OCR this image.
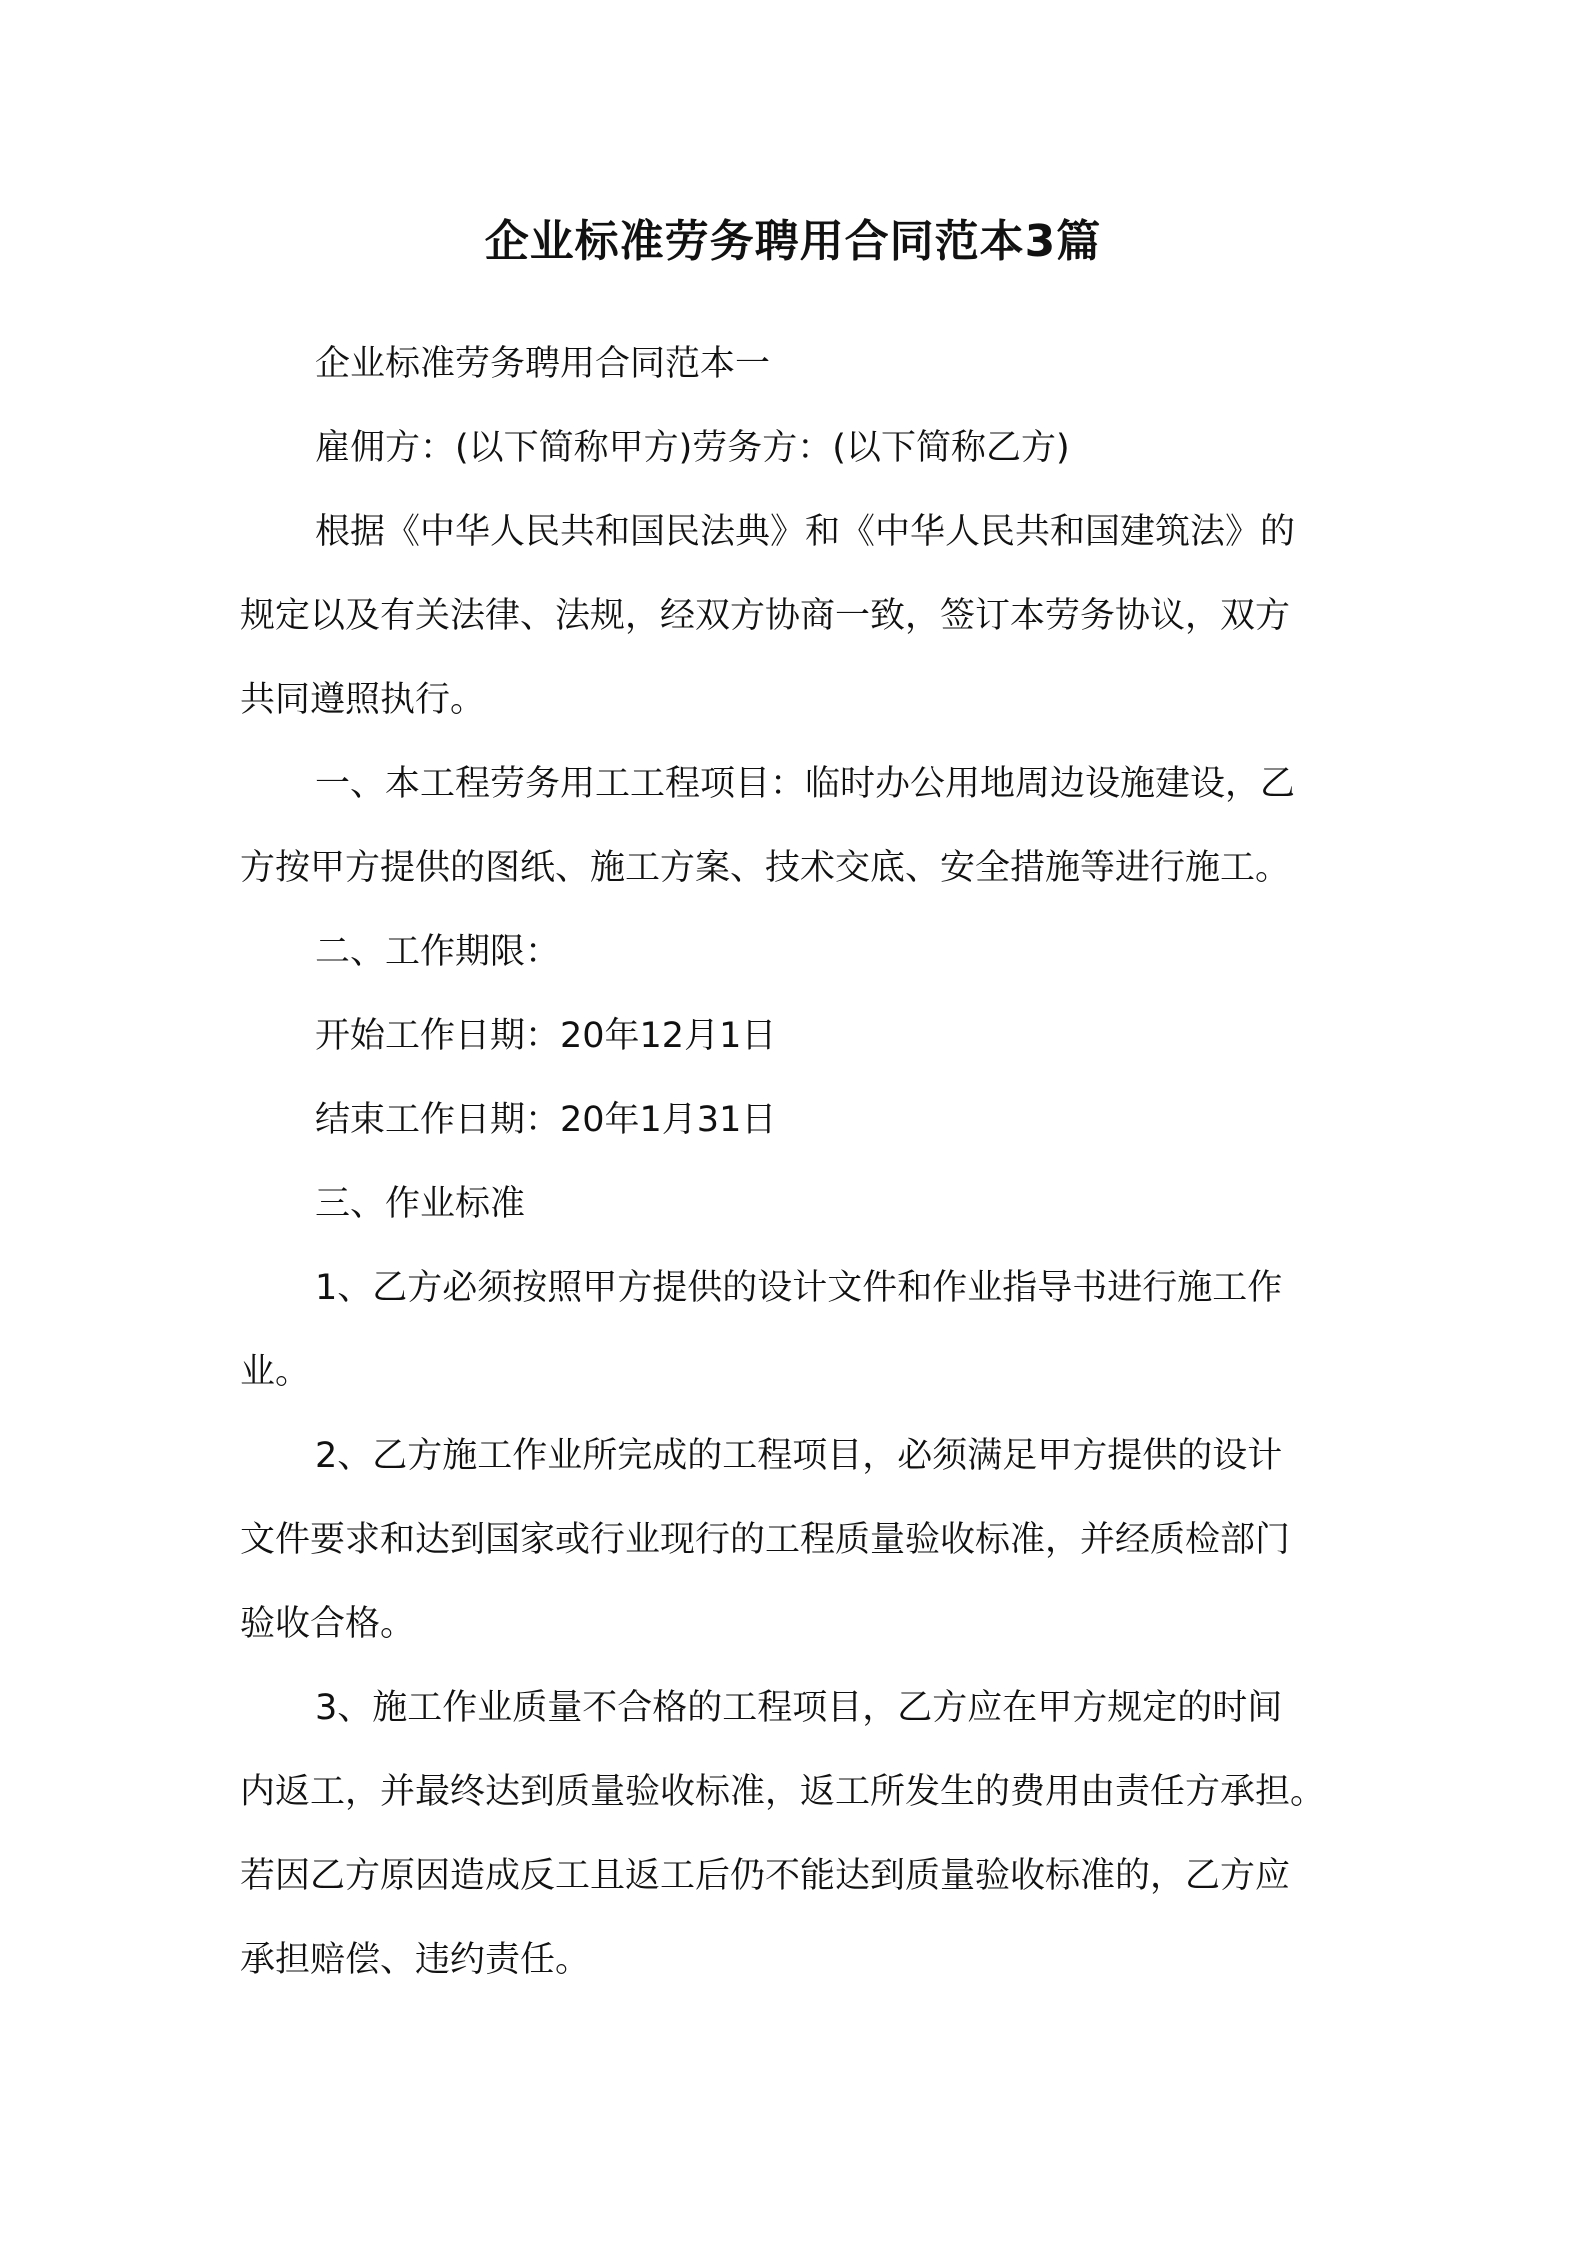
企业标准劳务聘用合同范本3篇

企业标准劳务聘用合同范本一

雇佣方：(以下简称甲方)劳务方：(以下简称乙方)

根据《中华人民共和国民法典》和《中华人民共和国建筑法》的
规定以及有关法律、法规，经双方协商一致，签订本劳务协议，双方
共同遵照执行。

一、本工程劳务用工工程项目：临时办公用地周边设施建设，乙
方按甲方提供的图纸、施工方案、技术交底、安全措施等进行施工。

二、工作期限：

开始工作日期：20年12月1日

结束工作日期：20年1月31日

三、作业标准

1、乙方必须按照甲方提供的设计文件和作业指导书进行施工作
业。

2、乙方施工作业所完成的工程项目，必须满足甲方提供的设计
文件要求和达到国家或行业现行的工程质量验收标准，并经质检部门
验收合格。

3、施工作业质量不合格的工程项目，乙方应在甲方规定的时间
内返工，并最终达到质量验收标准，返工所发生的费用由责任方承担。
若因乙方原因造成反工且返工后仍不能达到质量验收标准的，乙方应
承担赔偿、违约责任。
